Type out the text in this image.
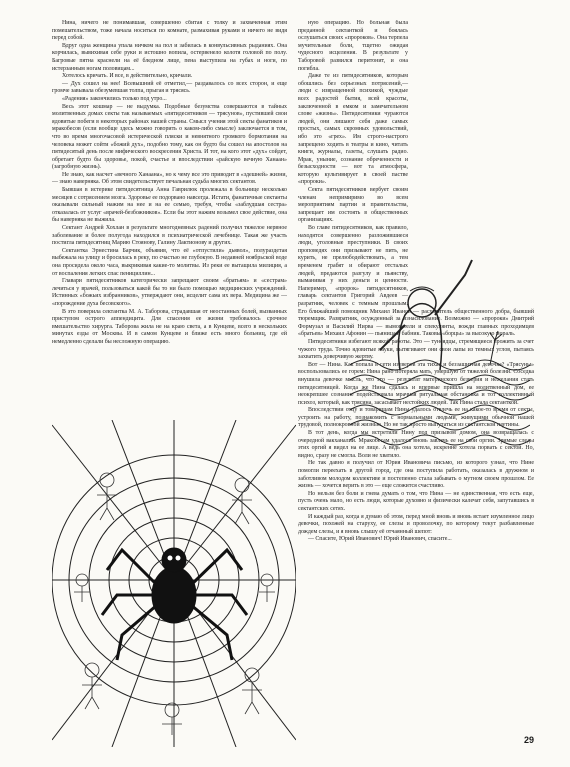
Нина, ничего не понимавшая, совершенно сбитая с толку и захваченная этим помешательством, тоже начала носиться по комнате, размахивая руками и ничего не видя перед собой.

Вдруг одна женщина упала ничком на пол и забилась в конвульсивных рыданиях. Она корчилась, вывихивая себе руки и истошно вопила, остервенело колотя головой по полу. Багровые пятна краснели на её бледном лице, пена выступила на губах и ноги, по истерзанным ногам половицам...

Хотелось кричать. И все, в действительно, кричали.

— Дух сошел на нее! Всевышний её отметил,— раздавалось со всех сторон, и еще громче завывала обезумевшая толпа, прыгая и трясясь.

«Радения» закончились только под утро...

Весь этот кошмар — не выдумка. Подобные безумства совершаются в тайных молитвенных домах секты так называемых «пятидесятников — трясунов», пустившей свои ядовитые побеги в некоторых районах нашей страны. Смысл учения этой секты фанатиков и мракобесов (если вообще здесь можно говорить о каком-либо смысле) заключается в том, что во время многочасовой истерической пляски и невнятного громкого бормотания на человека может сойти «божий дух», подобно тому, как он будто бы сошел на апостолов на пятидесятый день после мифического воскресения Христа. И тот, на кого этот «дух» сойдет, обретает будто бы здоровье, покой, счастье и впоследствии «райскую вечную Ханаан» (загробную жизнь).

Не знаю, как насчет «вечного Ханаана», но к чему все это приводит в «здешней» жизни,— знаю наверняка. Об этом свидетельствует печальная судьба многих сектантов.

Бывшая в истерике пятидесятница Анна Гаврилюк пролежала в больнице несколько месяцев с сотрясением мозга. Здоровье ее подорвано навсегда. Истати, фанатичные сектанты оказывали сильный нажим на нее и на ее семью, требуя, чтобы «заблудшая сестра» отказалась от услуг «врачей-безбожников». Если бы этот нажим возымел свое действие, она бы наверняка не выжила.

Сектант Андрей Хохлан в результате многодневных радений получил тяжелое нервное заболевание и более полугода находился в психиатрической лечебнице. Такая же участь постигла пятидесятниц Марию Стоянову, Галину Лактионову и других.

Сектантка Эрнестина Барчик, объявив, что её «отпустили» дьявол», полураздетая выбежала на улицу и бросилась в реку, по счастью не глубокую. В недавней ноябрьской воде она просидела около часа, выкрикивая какие-то молитвы. Из реки ее вытащила милиция, а от воспаления легких спас пенициллин...

Главари пятидесятников категорически запрещают своим «братьям» и «сестрам» лечиться у врачей, пользоваться какой бы то ни было помощью медицинских учреждений. Истинных «божьих избранников», утверждают они, исцелит сама их вера. Медицина же — «порождение духа бесовского».

В это поверила сектантка М. А. Таборова, страдавшая от неостанных болей, вызванных приступом острого аппендицита. Для спасения ее жизни требовалось срочное вмешательство хирурга. Таборова жила не на краю света, а в Кунцеве, всего в нескольких минутах езды от Москвы. И в самом Кунцеве и ближе есть много больниц, где ей немедленно сделали бы несложную операцию.

ную операцию. Но больная была преданной сектанткой и боялась ослушаться своих «пророков». Она терпела мучительные боли, тщетно ожидая чудесного исцеления. В результате у Таборовой развился перитонит, и она погибла.

Даже те из пятидесятников, которым обошлись без серьезных потрясений,— люди с извращенной психикой, чуждые всех радостей бытия, всей красоты, заключенной в емком и замечательном слове «жизнь». Пятидесятники чураются людей, они лишают себя даже самых простых, самых скромных удовольствий, ибо это «грех». Им строго-настрого запрещено ходить в театры и кино, читать книги, журналы, газеты, слушать радио. Мрак, уныние, сознание обреченности и безысходности — вот та атмосфера, которую культивирует в своей пастве «пророки».

Секта пятидесятников вербует своим членам непримиримо во всем мероприятиям партии и правительства, запрещает им состоять в общественных организациях.

Во главе пятидесятников, как правило, находятся совершенно разложившиеся люди, уголовные преступники. В своих проповедях они призывают не пить, не курить, не прелюбодействовать, а тем временем грабят и обирают отсталых людей, предаются разгулу и пьянству, выманивая у них деньги и ценности. Напеример, «пророк» пятидесятников, главарь сектантов Григорий Авдеев — разратник, человек с темным прошлым. Его ближайший помощник Михаил Иванов — расхититель общественного добра, бывший тюремщик. Развратник, осужденный за изнасилование. Возможно — «пророки» Дмитрий Формузал и Василий Нирва — вымогатели и спекулянты, вожди главных проходимцев «братьев» Михаил Афонин — пьяница и бабник. Таковы «борцы» за высокую мораль.

Пятидесятники избегают всякой работы. Это — тунеядцы, стремящиеся прожить за счет чужого труда. Точно ядовитые пауки, вытягивают они свои лапы из темных углов, пытаясь захватить доверчивую жертву.

Вот — Нина. Как попала в сети изуверов эта тихая и беззащитная девочка? «Трясуны» воспользовались ее горем: Нина рано потеряла мать, умершую от тяжелой болезни. Соседка внушила девочке мысль, что это — результат материнского безверия и нежелания стать пятидесятницей. Когда же Нина сдалась и впервые пришла на молитвенный дом, ее неокрепшее сознание подействовала мрачная ритуальная обстановка и тот коллективный психоз, который, как трясина, засасывает нестойких людей. Так Нина стала сектанткой.

Впоследствии отцу и товарищам Нины удалось отвлечь ее на какое-то время от секты, устроить на работу, познакомить с нормальными людьми, живущими обычной нашей трудовой, полнокровной жизнью. Но не так просто выпутаться из сектантской паутины.

В тот день, когда мы встретили Нину под призывом домом, она возвращалась с очередной вакханалии. Мракобесам удалось вновь завлечь ее на свои оргии. Зримые следы этих оргий я видел на ее лице. А ведь она хотела, искренне хотела порвать с сектой. Но, видно, сразу не смогла. Воли не хватило.

Не так давно я получил от Юрия Ивановича письмо, из которого узнал, что Нине помогли переехать в другой город, где она поступила работать, оказалась в дружном и заботливом молодом коллективе и постепенно стала забывать о мутном своем прошлом. Ее жизнь — хочется верить в это — еще сложится счастливо.

Но нельзя без боли и гнева думать о том, что Нина — не единственная, что есть еще, пусть очень мало, но есть люди, которые духовно и физически калечат себя, запутавшись в сектантских сетях.

И каждый раз, когда я думаю об этом, перед мной вновь и вновь встает изумленное лицо девочки, похожей на старуху, ее слезы и проволочку, по которому текут разбавленные дождем слезы, и я вновь слышу её отчаянный шепот:

— Спасите, Юрий Иванович! Юрий Иванович, спасите...

29
